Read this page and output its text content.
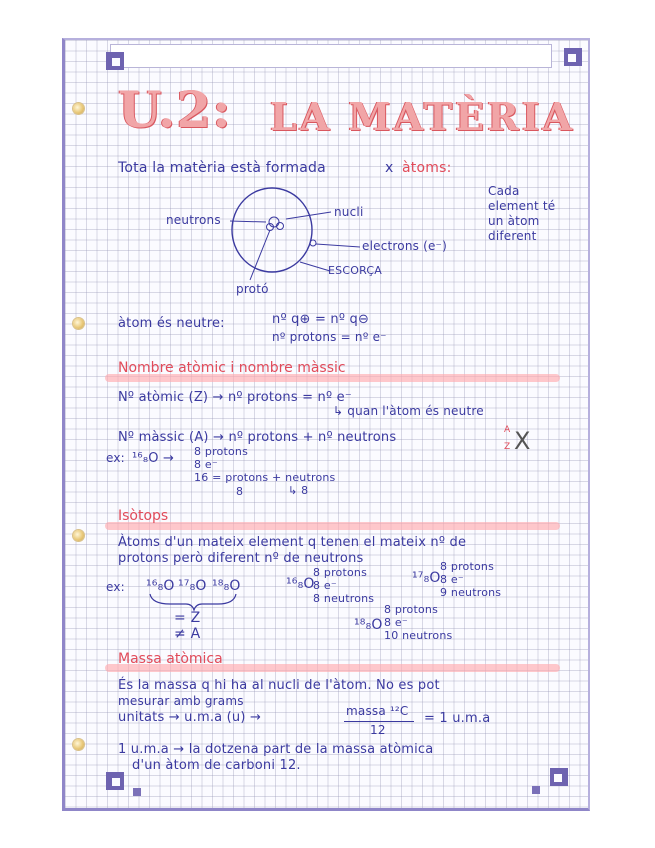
U.2: LA MATÈRIA
Tota la matèria està formada	x àtoms:
Cada
element té
un àtom
diferent
neutrons
nucli
electrons (e⁻)
ESCORÇA
protó
àtom és neutre:	nº q⊕ = nº q⊖
nº protons = nº e⁻
Nombre atòmic i nombre màssic
Nº atòmic (Z) → nº protons = nº e⁻
↳ quan l'àtom és neutre
Nº màssic (A) → nº protons + nº neutrons	A
Z X
ex: ¹⁶₈O → 8 protons
8 e⁻
16 = protons + neutrons
8	↳ 8
Isòtops
Àtoms d'un mateix element q tenen el mateix nº de
protons però diferent nº de neutrons
ex: ¹⁶₈O ¹⁷₈O ¹⁸₈O
= Z
≠ A
¹⁶₈O
8 protons
8 e⁻
8 neutrons
¹⁷₈O
8 protons
8 e⁻
9 neutrons
¹⁸₈O
8 protons
8 e⁻
10 neutrons
Massa atòmica
És la massa q hi ha al nucli de l'àtom. No es pot
mesurar amb grams
unitats → u.m.a (u) →	massa ¹²C
12
= 1 u.m.a
1 u.m.a → la dotzena part de la massa atòmica
d'un àtom de carboni 12.
